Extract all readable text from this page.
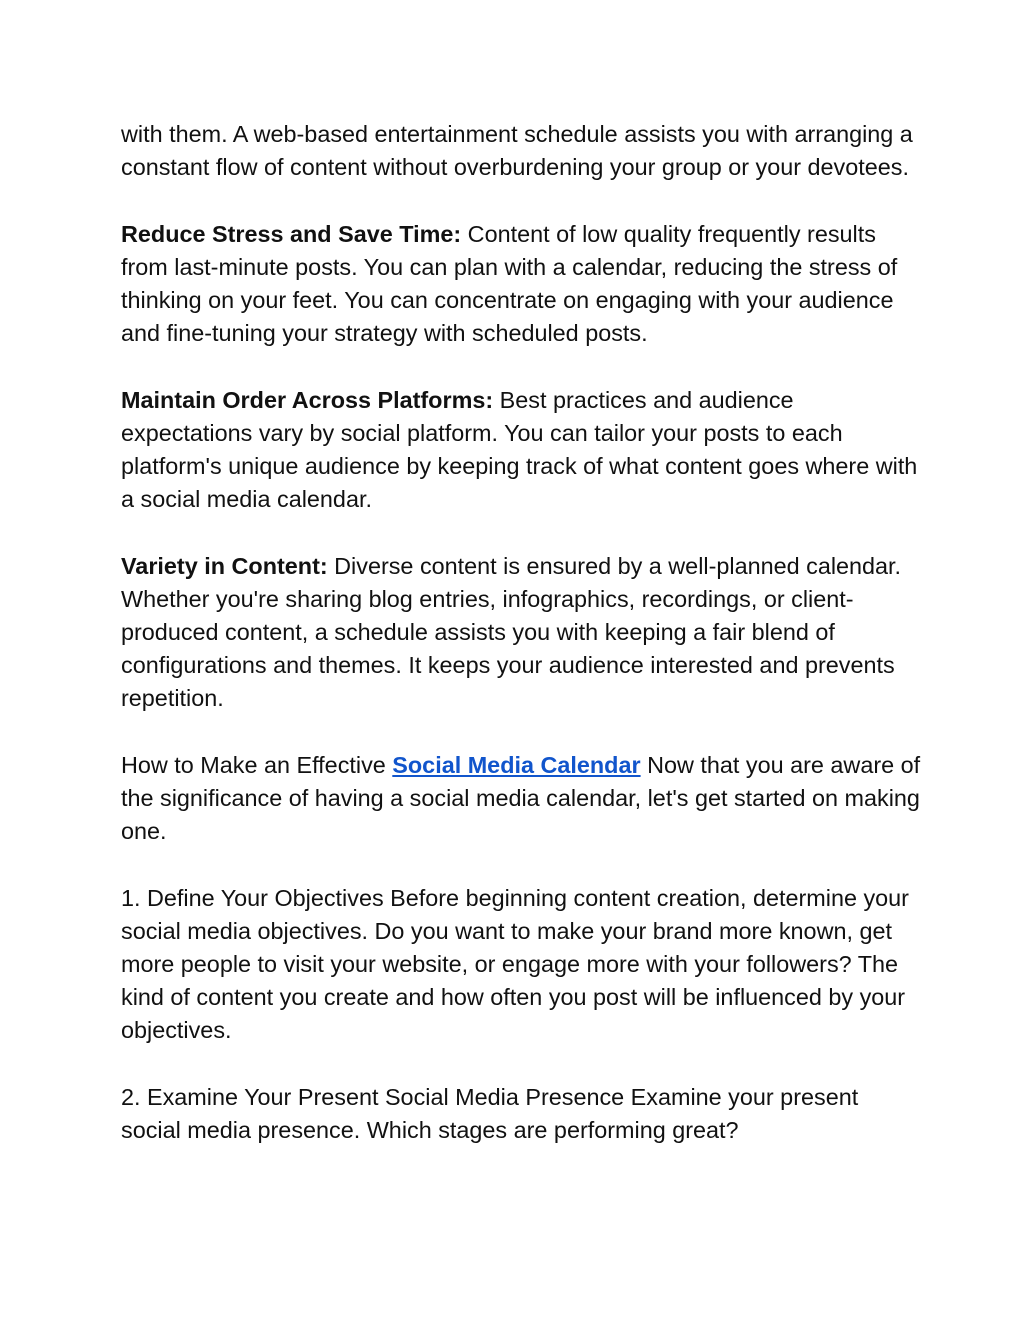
with them. A web-based entertainment schedule assists you with arranging a constant flow of content without overburdening your group or your devotees.

Reduce Stress and Save Time: Content of low quality frequently results from last-minute posts. You can plan with a calendar, reducing the stress of thinking on your feet. You can concentrate on engaging with your audience and fine-tuning your strategy with scheduled posts.

Maintain Order Across Platforms: Best practices and audience expectations vary by social platform. You can tailor your posts to each platform's unique audience by keeping track of what content goes where with a social media calendar.

Variety in Content: Diverse content is ensured by a well-planned calendar. Whether you're sharing blog entries, infographics, recordings, or client-produced content, a schedule assists you with keeping a fair blend of configurations and themes. It keeps your audience interested and prevents repetition.

How to Make an Effective Social Media Calendar Now that you are aware of the significance of having a social media calendar, let's get started on making one.

1. Define Your Objectives Before beginning content creation, determine your social media objectives. Do you want to make your brand more known, get more people to visit your website, or engage more with your followers? The kind of content you create and how often you post will be influenced by your objectives.

2. Examine Your Present Social Media Presence Examine your present social media presence. Which stages are performing great?
